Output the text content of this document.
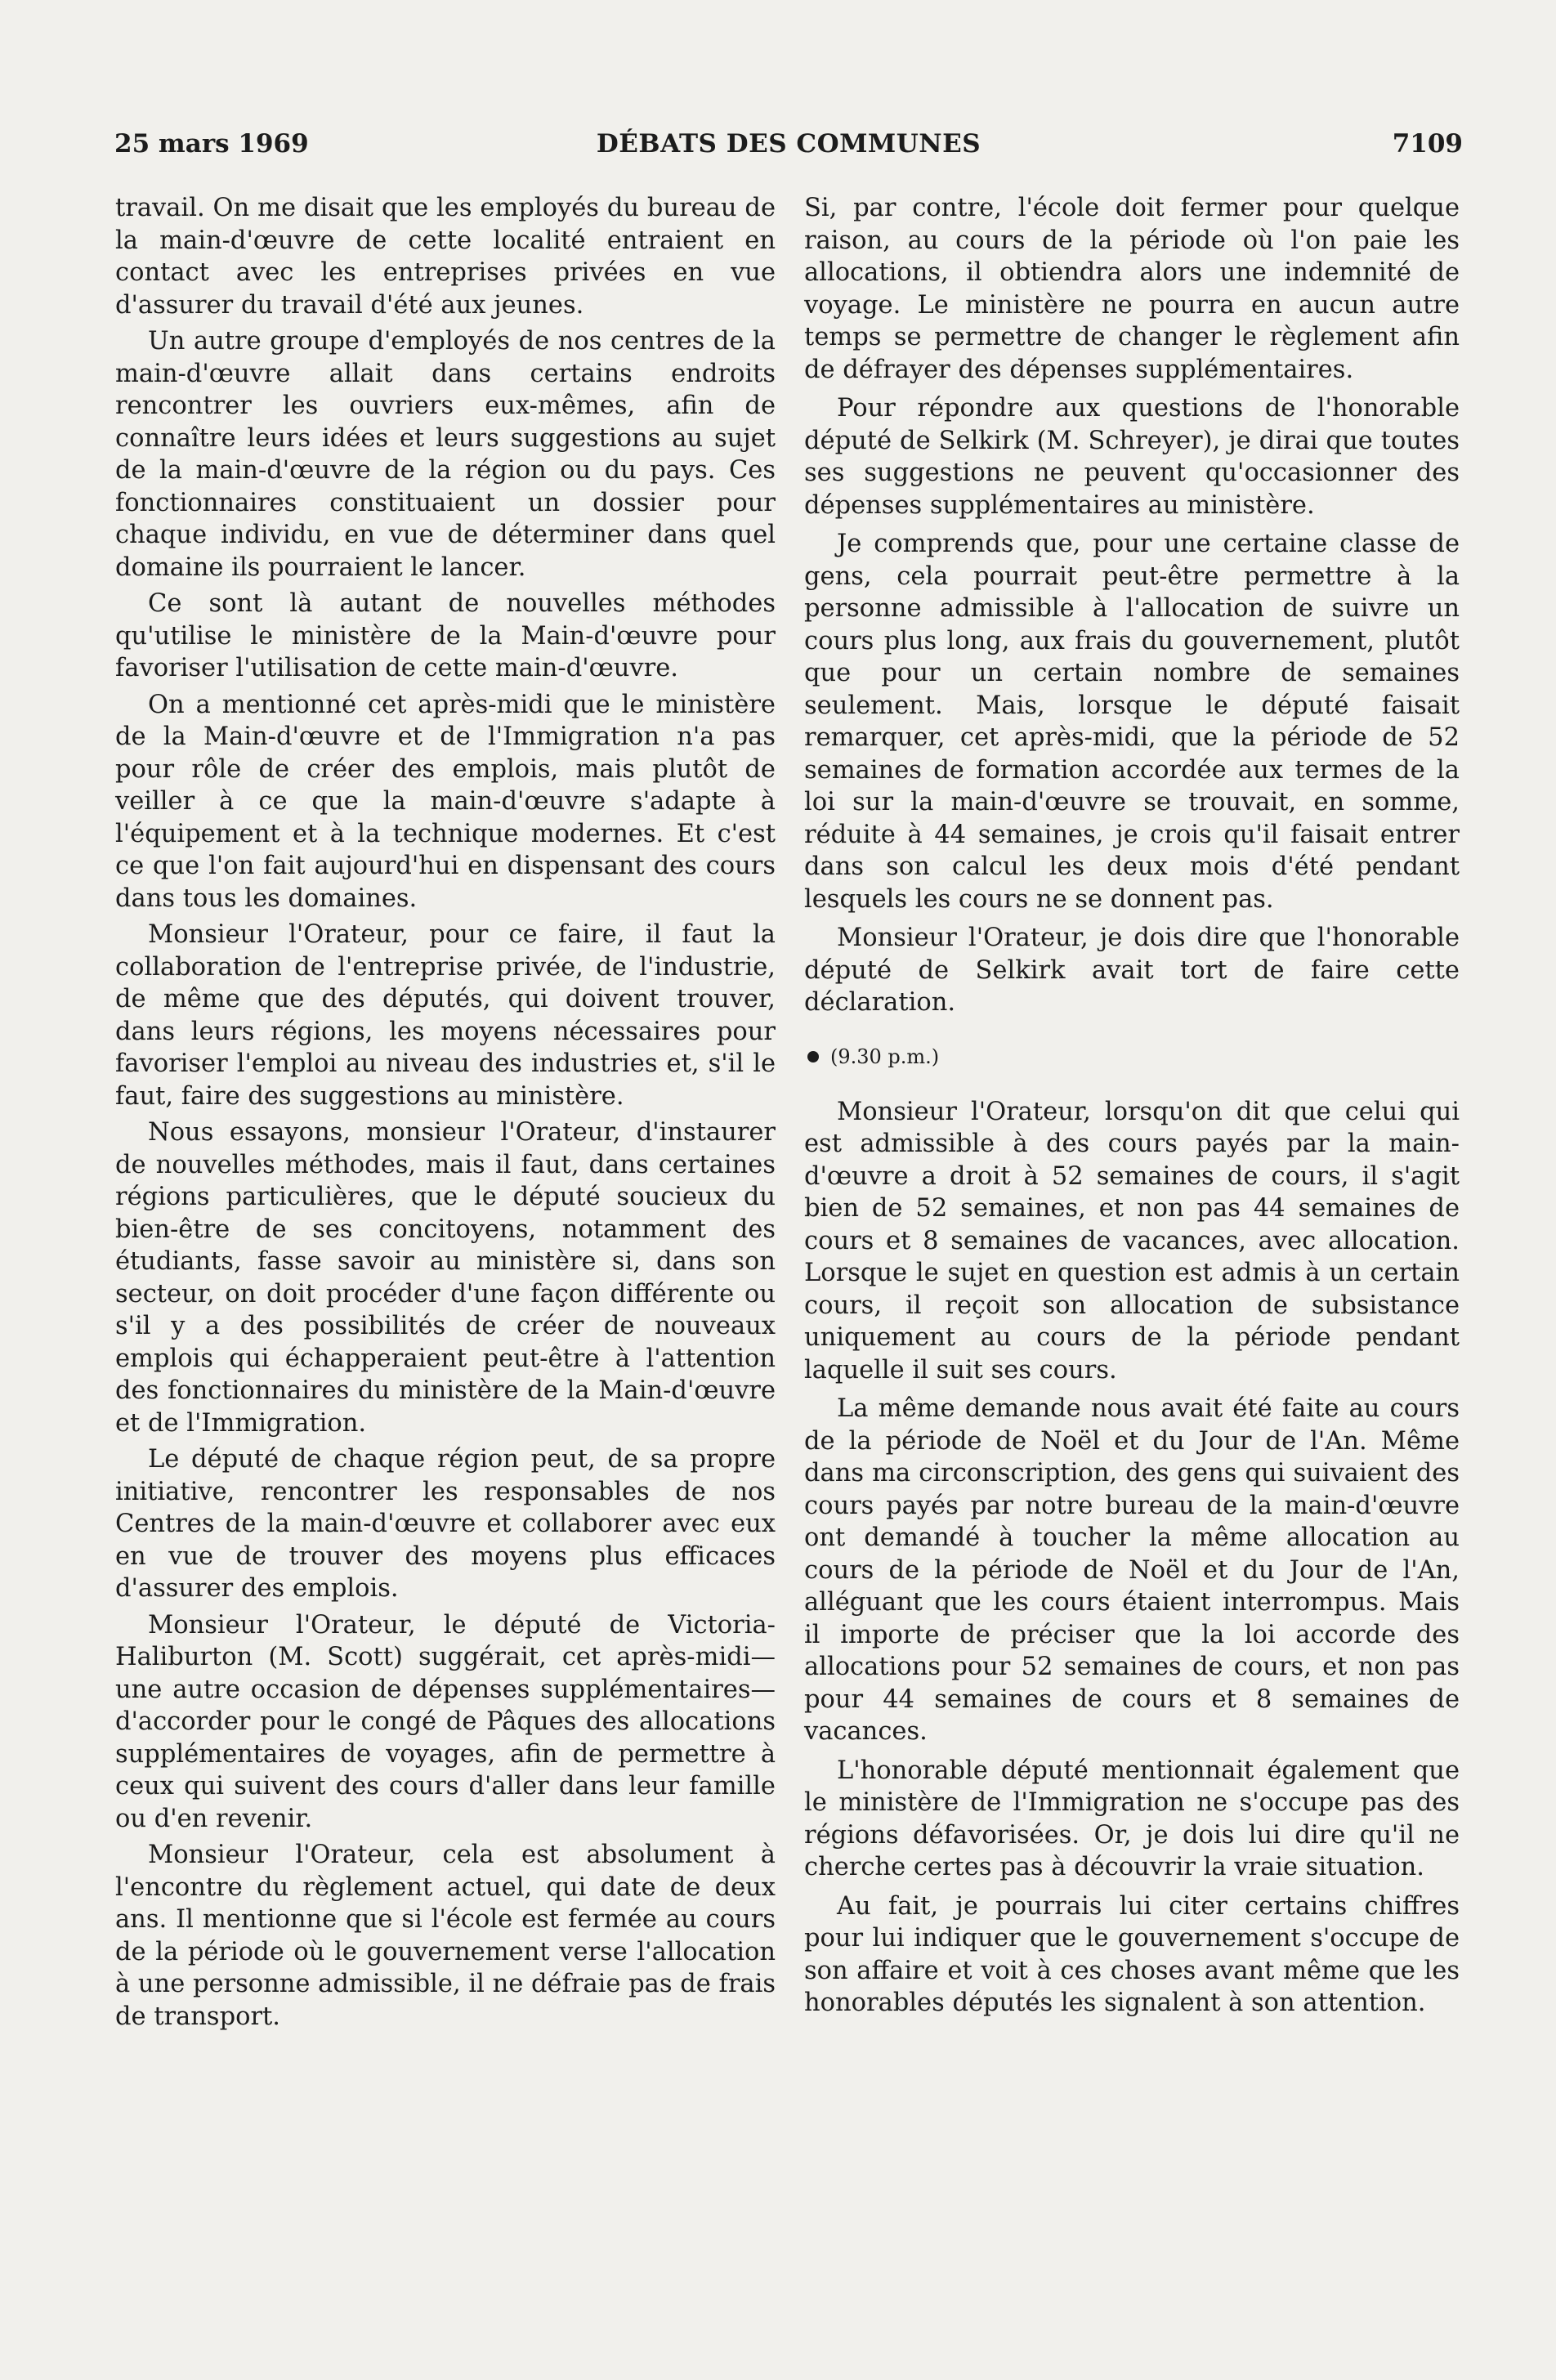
25 mars 1969	DÉBATS DES COMMUNES	7109

travail. On me disait que les employés du bureau de la main-d'œuvre de cette localité entraient en contact avec les entreprises privées en vue d'assurer du travail d'été aux jeunes.

Un autre groupe d'employés de nos centres de la main-d'œuvre allait dans certains endroits rencontrer les ouvriers eux-mêmes, afin de connaître leurs idées et leurs suggestions au sujet de la main-d'œuvre de la région ou du pays. Ces fonctionnaires constituaient un dossier pour chaque individu, en vue de déterminer dans quel domaine ils pourraient le lancer.

Ce sont là autant de nouvelles méthodes qu'utilise le ministère de la Main-d'œuvre pour favoriser l'utilisation de cette main-d'œuvre.

On a mentionné cet après-midi que le ministère de la Main-d'œuvre et de l'Immigration n'a pas pour rôle de créer des emplois, mais plutôt de veiller à ce que la main-d'œuvre s'adapte à l'équipement et à la technique modernes. Et c'est ce que l'on fait aujourd'hui en dispensant des cours dans tous les domaines.

Monsieur l'Orateur, pour ce faire, il faut la collaboration de l'entreprise privée, de l'industrie, de même que des députés, qui doivent trouver, dans leurs régions, les moyens nécessaires pour favoriser l'emploi au niveau des industries et, s'il le faut, faire des suggestions au ministère.

Nous essayons, monsieur l'Orateur, d'instaurer de nouvelles méthodes, mais il faut, dans certaines régions particulières, que le député soucieux du bien-être de ses concitoyens, notamment des étudiants, fasse savoir au ministère si, dans son secteur, on doit procéder d'une façon différente ou s'il y a des possibilités de créer de nouveaux emplois qui échapperaient peut-être à l'attention des fonctionnaires du ministère de la Main-d'œuvre et de l'Immigration.

Le député de chaque région peut, de sa propre initiative, rencontrer les responsables de nos Centres de la main-d'œuvre et collaborer avec eux en vue de trouver des moyens plus efficaces d'assurer des emplois.

Monsieur l'Orateur, le député de Victoria-Haliburton (M. Scott) suggérait, cet après-midi—une autre occasion de dépenses supplémentaires—d'accorder pour le congé de Pâques des allocations supplémentaires de voyages, afin de permettre à ceux qui suivent des cours d'aller dans leur famille ou d'en revenir.

Monsieur l'Orateur, cela est absolument à l'encontre du règlement actuel, qui date de deux ans. Il mentionne que si l'école est fermée au cours de la période où le gouvernement verse l'allocation à une personne admissible, il ne défraie pas de frais de transport.

Si, par contre, l'école doit fermer pour quelque raison, au cours de la période où l'on paie les allocations, il obtiendra alors une indemnité de voyage. Le ministère ne pourra en aucun autre temps se permettre de changer le règlement afin de défrayer des dépenses supplémentaires.

Pour répondre aux questions de l'honorable député de Selkirk (M. Schreyer), je dirai que toutes ses suggestions ne peuvent qu'occasionner des dépenses supplémentaires au ministère.

Je comprends que, pour une certaine classe de gens, cela pourrait peut-être permettre à la personne admissible à l'allocation de suivre un cours plus long, aux frais du gouvernement, plutôt que pour un certain nombre de semaines seulement. Mais, lorsque le député faisait remarquer, cet après-midi, que la période de 52 semaines de formation accordée aux termes de la loi sur la main-d'œuvre se trouvait, en somme, réduite à 44 semaines, je crois qu'il faisait entrer dans son calcul les deux mois d'été pendant lesquels les cours ne se donnent pas.

Monsieur l'Orateur, je dois dire que l'honorable député de Selkirk avait tort de faire cette déclaration.

(9.30 p.m.)

Monsieur l'Orateur, lorsqu'on dit que celui qui est admissible à des cours payés par la main-d'œuvre a droit à 52 semaines de cours, il s'agit bien de 52 semaines, et non pas 44 semaines de cours et 8 semaines de vacances, avec allocation. Lorsque le sujet en question est admis à un certain cours, il reçoit son allocation de subsistance uniquement au cours de la période pendant laquelle il suit ses cours.

La même demande nous avait été faite au cours de la période de Noël et du Jour de l'An. Même dans ma circonscription, des gens qui suivaient des cours payés par notre bureau de la main-d'œuvre ont demandé à toucher la même allocation au cours de la période de Noël et du Jour de l'An, alléguant que les cours étaient interrompus. Mais il importe de préciser que la loi accorde des allocations pour 52 semaines de cours, et non pas pour 44 semaines de cours et 8 semaines de vacances.

L'honorable député mentionnait également que le ministère de l'Immigration ne s'occupe pas des régions défavorisées. Or, je dois lui dire qu'il ne cherche certes pas à découvrir la vraie situation.

Au fait, je pourrais lui citer certains chiffres pour lui indiquer que le gouvernement s'occupe de son affaire et voit à ces choses avant même que les honorables députés les signalent à son attention.
